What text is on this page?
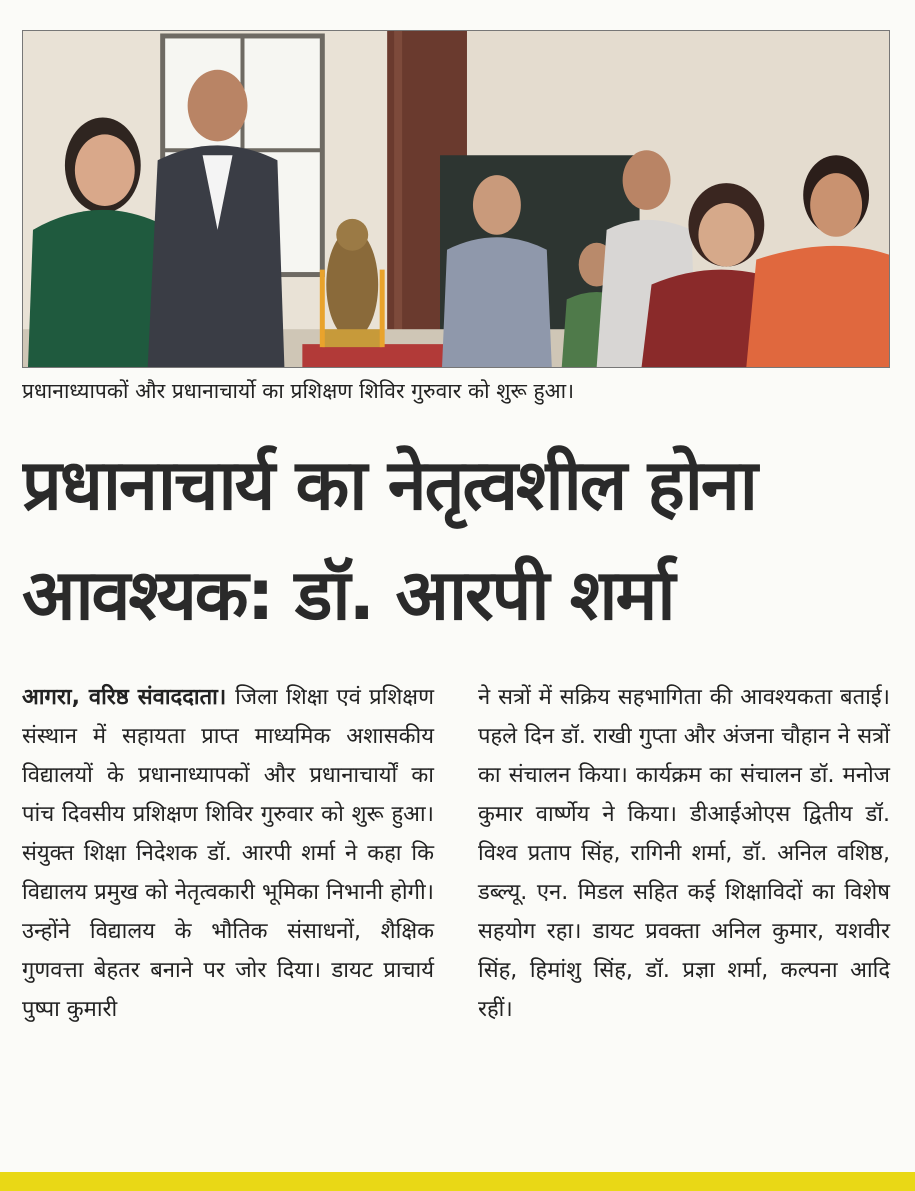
प्रधानाध्यापकों और प्रधानाचार्यो का प्रशिक्षण शिविर गुरुवार को शुरू हुआ।
प्रधानाचार्य का नेतृत्वशील होना
आवश्यक: डॉ. आरपी शर्मा
आगरा, वरिष्ठ संवाददाता। जिला शिक्षा एवं प्रशिक्षण संस्थान में सहायता प्राप्त माध्यमिक अशासकीय विद्यालयों के प्रधानाध्यापकों और प्रधानाचार्यों का पांच दिवसीय प्रशिक्षण शिविर गुरुवार को शुरू हुआ। संयुक्त शिक्षा निदेशक डॉ. आरपी शर्मा ने कहा कि विद्यालय प्रमुख को नेतृत्वकारी भूमिका निभानी होगी। उन्होंने विद्यालय के भौतिक संसाधनों, शैक्षिक गुणवत्ता बेहतर बनाने पर जोर दिया। डायट प्राचार्य पुष्पा कुमारी
ने सत्रों में सक्रिय सहभागिता की आवश्यकता बताई। पहले दिन डॉ. राखी गुप्ता और अंजना चौहान ने सत्रों का संचालन किया। कार्यक्रम का संचालन डॉ. मनोज कुमार वार्ष्णेय ने किया। डीआईओएस द्वितीय डॉ. विश्व प्रताप सिंह, रागिनी शर्मा, डॉ. अनिल वशिष्ठ, डब्ल्यू. एन. मिडल सहित कई शिक्षाविदों का विशेष सहयोग रहा। डायट प्रवक्ता अनिल कुमार, यशवीर सिंह, हिमांशु सिंह, डॉ. प्रज्ञा शर्मा, कल्पना आदि रहीं।
